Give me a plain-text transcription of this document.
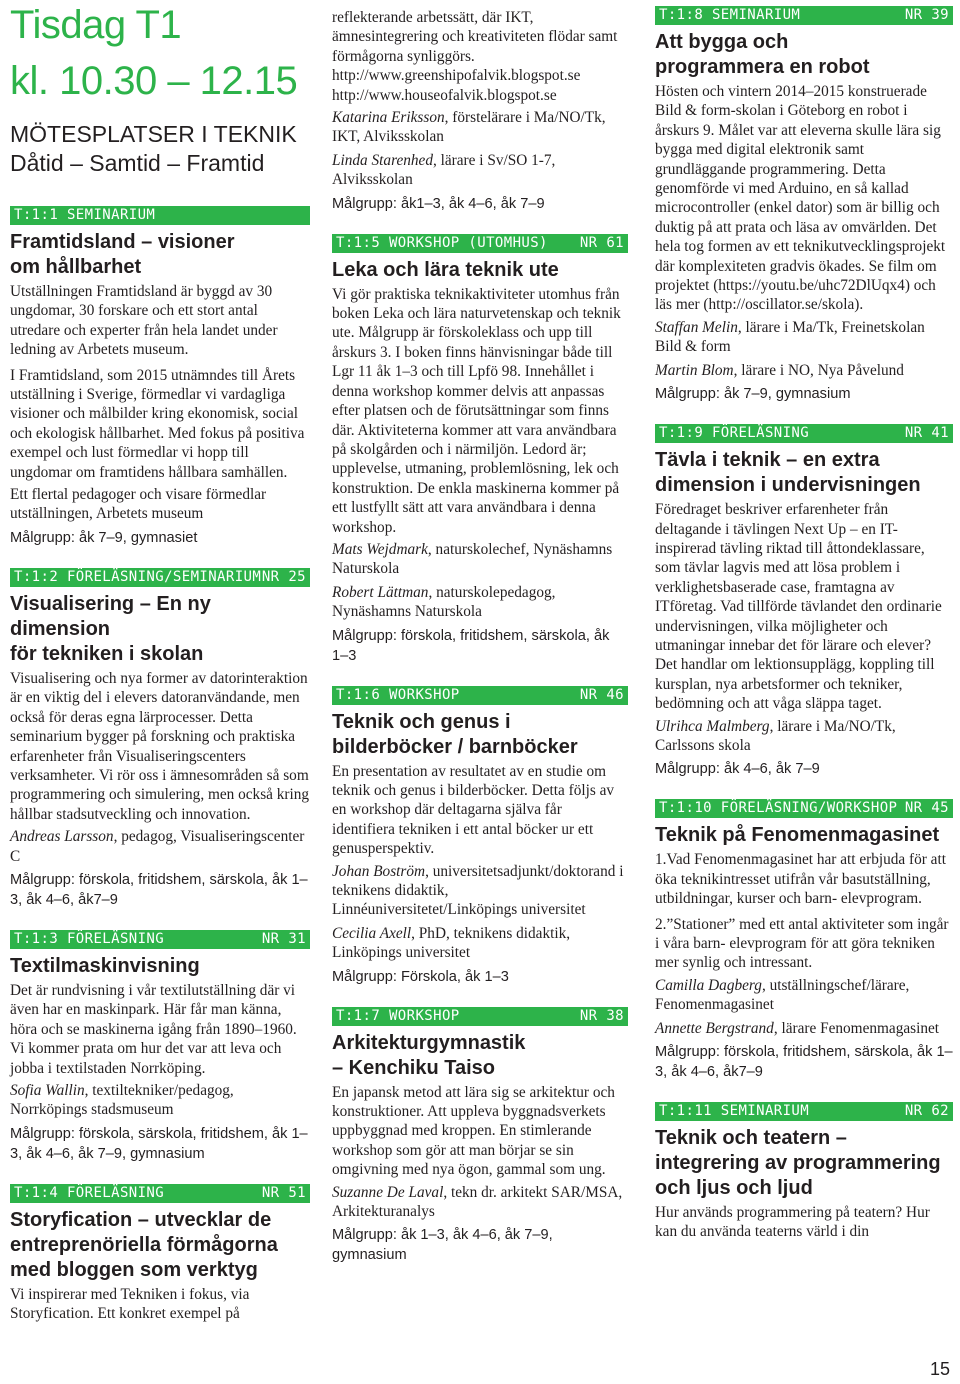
Tisdag T1
kl. 10.30 – 12.15
MÖTESPLATSER I TEKNIK
Dåtid – Samtid – Framtid
T:1:1 SEMINARIUM
Framtidsland – visioner
om hållbarhet

Utställningen Framtidsland är byggd av 30 ungdomar, 30 forskare och ett stort antal utredare och experter från hela landet under ledning av Arbetets museum.

I Framtidsland, som 2015 utnämndes till Årets utställning i Sverige, förmedlar vi vardagliga visioner och målbilder kring ekonomisk, social och ekologisk hållbarhet. Med fokus på positiva exempel och lust förmedlar vi hopp till ungdomar om framtidens hållbara samhällen.

Ett flertal pedagoger och visare förmedlar utställningen, Arbetets museum

Målgrupp: åk 7–9, gymnasiet
T:1:2 FÖRELÄSNING/SEMINARIUM NR 25
Visualisering – En ny dimension
för tekniken i skolan

Visualisering och nya former av datorinteraktion är en viktig del i elevers datoranvändande, men också för deras egna lärprocesser. Detta seminarium bygger på forskning och praktiska erfarenheter från Visualiseringscenters verksamheter. Vi rör oss i ämnesområden så som programmering och simulering, men också kring hållbar stadsutveckling och innovation.

Andreas Larsson, pedagog, Visualiseringscenter C

Målgrupp: förskola, fritidshem, särskola, åk 1–3, åk 4–6, åk7–9
T:1:3 FÖRELÄSNING	NR 31
Textilmaskinvisning

Det är rundvisning i vår textilutställning där vi även har en maskinpark. Här får man känna, höra och se maskinerna igång från 1890–1960. Vi kommer prata om hur det var att leva och jobba i textilstaden Norrköping.

Sofia Wallin, textiltekniker/pedagog, Norrköpings stadsmuseum

Målgrupp: förskola, särskola, fritidshem, åk 1–3, åk 4–6, åk 7–9, gymnasium
T:1:4 FÖRELÄSNING	NR 51
Storyfication – utvecklar de
entreprenöriella förmågorna
med bloggen som verktyg

Vi inspirerar med Tekniken i fokus, via Storyfication. Ett konkret exempel på

reflekterande arbetssätt, där IKT, ämnesintegrering och kreativiteten flödar samt förmågorna synliggörs.

http://www.greenshipofalvik.blogspot.se

http://www.houseofalvik.blogspot.se

Katarina Eriksson, förstelärare i Ma/NO/Tk, IKT, Alviksskolan

Linda Starenhed, lärare i Sv/SO 1-7, Alviksskolan

Målgrupp: åk1–3, åk 4–6, åk 7–9
T:1:5 WORKSHOP (UTOMHUS) NR 61
Leka och lära teknik ute

Vi gör praktiska teknikaktiviteter utomhus från boken Leka och lära naturvetenskap och teknik ute. Målgrupp är förskoleklass och upp till årskurs 3. I boken finns hänvisningar både till Lgr 11 åk 1–3 och till Lpfö 98. Innehållet i denna workshop kommer delvis att anpassas efter platsen och de förutsättningar som finns där. Aktiviteterna kommer att vara användbara på skolgården och i närmiljön. Ledord är; upplevelse, utmaning, problemlösning, lek och konstruktion. De enkla maskinerna kommer på ett lustfyllt sätt att vara användbara i denna workshop.

Mats Wejdmark, naturskolechef, Nynäshamns Naturskola

Robert Lättman, naturskolepedagog, Nynäshamns Naturskola

Målgrupp: förskola, fritidshem, särskola, åk 1–3
T:1:6 WORKSHOP	NR 46
Teknik och genus i
bilderböcker / barnböcker

En presentation av resultatet av en studie om teknik och genus i bilderböcker. Detta följs av en workshop där deltagarna själva får identifiera tekniken i ett antal böcker ur ett genusperspektiv.

Johan Boström, universitetsadjunkt/doktorand i teknikens didaktik, Linnéuniversitetet/Linköpings universitet

Cecilia Axell, PhD, teknikens didaktik, Linköpings universitet

Målgrupp: Förskola, åk 1–3
T:1:7 WORKSHOP	NR 38
Arkitekturgymnastik
– Kenchiku Taiso

En japansk metod att lära sig se arkitektur och konstruktioner. Att uppleva byggnadsverkets uppbyggnad med kroppen. En stimlerande workshop som gör att man börjar se sin omgivning med nya ögon, gammal som ung.

Suzanne De Laval, tekn dr. arkitekt SAR/MSA, Arkitekturanalys

Målgrupp: åk 1–3, åk 4–6, åk 7–9, gymnasium
T:1:8 SEMINARIUM	NR 39
Att bygga och
programmera en robot

Hösten och vintern 2014–2015 konstruerade Bild & form-skolan i Göteborg en robot i årskurs 9. Målet var att eleverna skulle lära sig bygga med digital elektronik samt grundläggande programmering. Detta genomförde vi med Arduino, en så kallad microcontroller (enkel dator) som är billig och duktig på att prata och läsa av omvärlden. Det hela tog formen av ett teknikutvecklingsprojekt där komplexiteten gradvis ökades. Se film om projektet (https://youtu.be/uhc72DlUqx4) och läs mer (http://oscillator.se/skola).

Staffan Melin, lärare i Ma/Tk, Freinetskolan Bild & form

Martin Blom, lärare i NO, Nya Påvelund

Målgrupp: åk 7–9, gymnasium
T:1:9 FÖRELÄSNING	NR 41
Tävla i teknik – en extra
dimension i undervisningen

Föredraget beskriver erfarenheter från deltagande i tävlingen Next Up – en IT-inspirerad tävling riktad till åttondeklassare, som tävlar lagvis med att lösa problem i verklighetsbaserade case, framtagna av ITföretag. Vad tillförde tävlandet den ordinarie undervisningen, vilka möjligheter och utmaningar innebar det för lärare och elever? Det handlar om lektionsupplägg, koppling till kursplan, nya arbetsformer och tekniker, bedömning och att våga släppa taget.

Ulrihca Malmberg, lärare i Ma/NO/Tk, Carlssons skola

Målgrupp: åk 4–6, åk 7–9
T:1:10 FÖRELÄSNING/WORKSHOP NR 45
Teknik på Fenomenmagasinet

1.Vad Fenomenmagasinet har att erbjuda för att öka teknikintresset utifrån vår basutställning, utbildningar, kurser och barn- elevprogram.

2.”Stationer” med ett antal aktiviteter som ingår i våra barn- elevprogram för att göra tekniken mer synlig och intressant.

Camilla Dagberg, utställningschef/lärare, Fenomenmagasinet

Annette Bergstrand, lärare Fenomenmagasinet

Målgrupp: förskola, fritidshem, särskola, åk 1–3, åk 4–6, åk7–9
T:1:11 SEMINARIUM	NR 62
Teknik och teatern –
integrering av programmering
och ljus och ljud

Hur används programmering på teatern? Hur kan du använda teaterns värld i din

15
